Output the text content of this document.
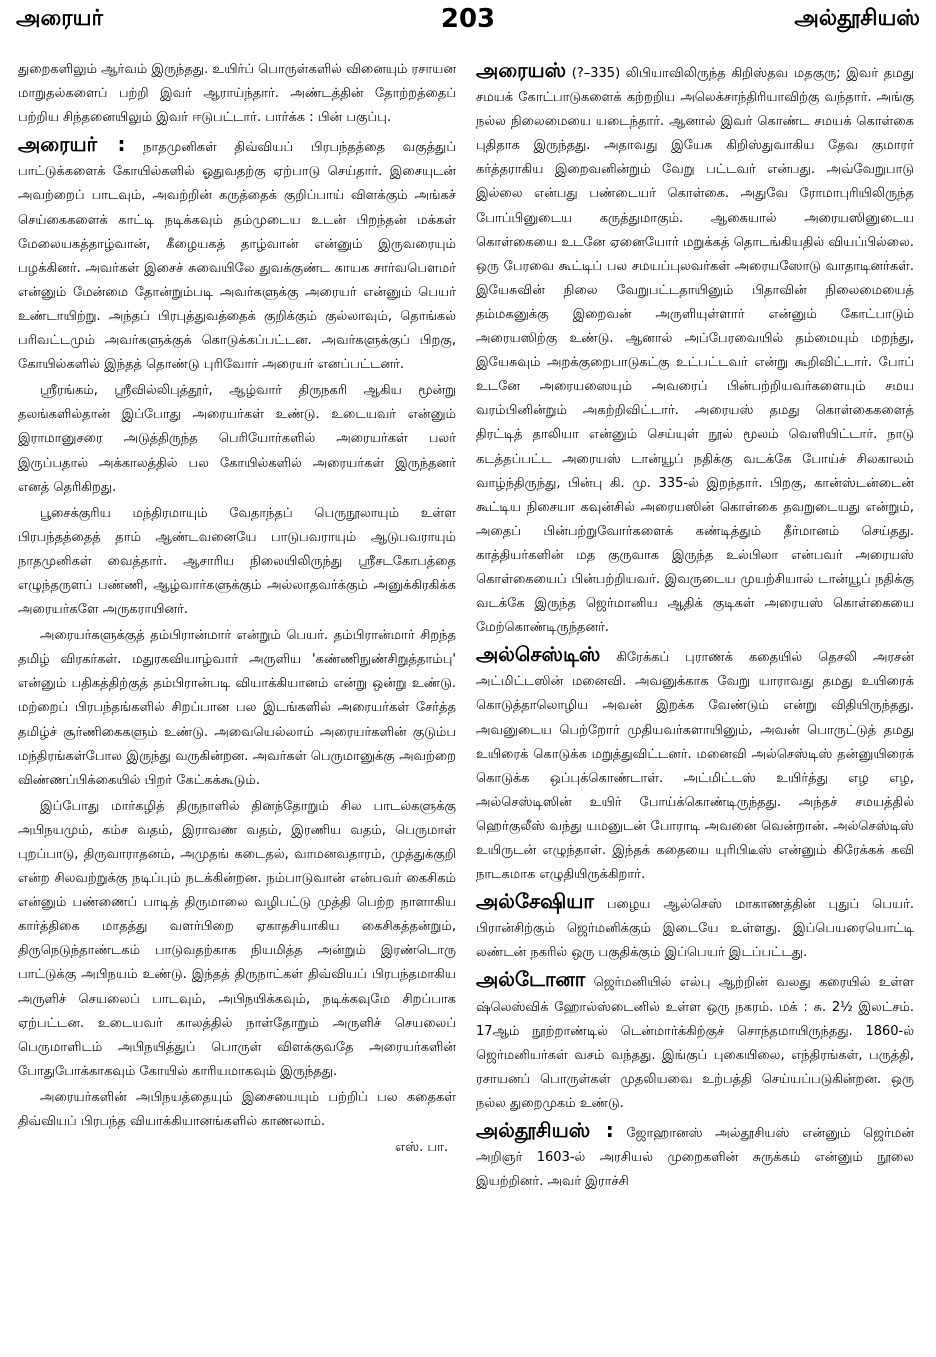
அரையர்	203	அல்தூசியஸ்

துறைகளிலும் ஆர்வம் இருந்தது. உயிர்ப் பொருள்களில் வினையும் ரசாயன மாறுதல்களைப் பற்றி இவர் ஆராய்ந்தார். அண்டத்தின் தோற்றத்தைப் பற்றிய சிந்தனையிலும் இவர் ஈடுபட்டார். பார்க்க : பின் பகுப்பு.

அரையர் : நாதமுனிகள் திவ்வியப் பிரபந்தத்தை வகுத்துப் பாட்டுக்களைக் கோயில்களில் ஓதுவதற்கு ஏற்பாடு செய்தார். இசையுடன் அவற்றைப் பாடவும், அவற்றின் கருத்தைக் குறிப்பாய் விளக்கும் அங்கச் செய்கைகளைக் காட்டி நடிக்கவும் தம்முடைய உடன் பிறந்தன் மக்கள் மேலையகத்தாழ்வான், கீழையகத் தாழ்வான் என்னும் இருவரையும் பழக்கினர். அவர்கள் இசைச் சுவையிலே துவக்குண்ட காயக சார்வபௌமர் என்னும் மேன்மை தோன்றும்படி அவர்களுக்கு அரையர் என்னும் பெயர் உண்டாயிற்று. அந்தப் பிரபுத்துவத்தைக் குறிக்கும் குல்லாவும், தொங்கல் பரிவட்டமும் அவர்களுக்குக் கொடுக்கப்பட்டன. அவர்களுக்குப் பிறகு, கோயில்களில் இந்தத் தொண்டு புரிவோர் அரையர் எனப்பட்டனர்.

ஸ்ரீரங்கம், ஸ்ரீவில்லிபுத்தூர், ஆழ்வார் திருநகரி ஆகிய மூன்று தலங்களில்தான் இப்போது அரையர்கள் உண்டு. உடையவர் என்னும் இராமானுசரை அடுத்திருந்த பெரியோர்களில் அரையர்கள் பலர் இருப்பதால் அக்காலத்தில் பல கோயில்களில் அரையர்கள் இருந்தனர் எனத் தெரிகிறது.

பூசைக்குரிய மந்திரமாயும் வேதாந்தப் பெருநூலாயும் உள்ள பிரபந்தத்தைத் தாம் ஆண்டவனையே பாடுபவராயும் ஆடுபவராயும் நாதமுனிகள் வைத்தார். ஆசாரிய நிலையிலிருந்து ஸ்ரீசடகோபத்தை எழுந்தருளப் பண்ணி, ஆழ்வார்களுக்கும் அல்லாதவர்க்கும் அனுக்கிரகிக்க அரையர்களே அருகராயினர்.

அரையர்களுக்குத் தம்பிரான்மார் என்றும் பெயர். தம்பிரான்மார் சிறந்த தமிழ் விரகர்கள். மதுரகவியாழ்வார் அருளிய 'கண்ணிநுண்சிறுத்தாம்பு' என்னும் பதிகத்திற்குத் தம்பிரான்படி வியாக்கியானம் என்று ஒன்று உண்டு. மற்றைப் பிரபந்தங்களில் சிறப்பான பல இடங்களில் அரையர்கள் சேர்த்த தமிழ்ச் சூர்ணிகைகளும் உண்டு. அவையெல்லாம் அரையர்களின் குடும்ப மந்திரங்கள்போல இருந்து வருகின்றன. அவர்கள் பெருமானுக்கு அவற்றை விண்ணப்பிக்கையில் பிறர் கேட்கக்கூடும்.

இப்போது மார்கழித் திருநாளில் தினந்தோறும் சில பாடல்களுக்கு அபிநயமும், கம்ச வதம், இராவண வதம், இரணிய வதம், பெருமாள் புறப்பாடு, திருவாராதனம், அமுதங் கடைதல், வாமனவதாரம், முத்துக்குறி என்ற சிலவற்றுக்கு நடிப்பும் நடக்கின்றன. நம்பாடுவான் என்பவர் கைசிகம் என்னும் பண்ணைப் பாடித் திருமாலை வழிபட்டு முத்தி பெற்ற நாளாகிய கார்த்திகை மாதத்து வளர்பிறை ஏகாதசியாகிய கைசிகத்தன்றும், திருநெடுந்தாண்டகம் பாடுவதற்காக நியமித்த அன்றும் இரண்டொரு பாட்டுக்கு அபிநயம் உண்டு. இந்தத் திருநாட்கள் திவ்வியப் பிரபந்தமாகிய அருளிச் செயலைப் பாடவும், அபிநயிக்கவும், நடிக்கவுமே சிறப்பாக ஏற்பட்டன. உடையவர் காலத்தில் நாள்தோறும் அருளிச் செயலைப் பெருமாளிடம் அபிநயித்துப் பொருள் விளக்குவதே அரையர்களின் போதுபோக்காகவும் கோயில் காரியமாகவும் இருந்தது.

அரையர்களின் அபிநயத்தையும் இசையையும் பற்றிப் பல கதைகள் திவ்வியப் பிரபந்த வியாக்கியானங்களில் காணலாம்.

எஸ். பா.

அரையஸ் (?–335) லிபியாவிலிருந்த கிறிஸ்தவ மதகுரு; இவர் தமது சமயக் கோட்பாடுகளைக் கற்றறிய அலெக்சாந்திரியாவிற்கு வந்தார். அங்கு நல்ல நிலைமையை யடைந்தார். ஆனால் இவர் கொண்ட சமயக் கொள்கை புதிதாக இருந்தது. அதாவது இயேசு கிறிஸ்துவாகிய தேவ குமாரர் கர்த்தராகிய இறைவனின்றும் வேறு பட்டவர் என்பது. அவ்வேறுபாடு இல்லை என்பது பண்டையர் கொள்கை. அதுவே ரோமாபுரியிலிருந்த போப்பினுடைய கருத்துமாகும். ஆகையால் அரையஸினுடைய கொள்கையை உடனே ஏனையோர் மறுக்கத் தொடங்கியதில் வியப்பில்லை. ஒரு பேரவை கூட்டிப் பல சமயப்புலவர்கள் அரையஸோடு வாதாடினர்கள். இயேசுவின் நிலை வேறுபட்டதாயினும் பிதாவின் நிலைமையைத் தம்மகனுக்கு இறைவன் அருளியுள்ளார் என்னும் கோட்பாடும் அரையஸிற்கு உண்டு. ஆனால் அப்பேரவையில் தம்மையும் மறந்து, இயேசுவும் அறக்குறைபாடுகட்கு உட்பட்டவர் என்று கூறிவிட்டார். போப் உடனே அரையஸையும் அவரைப் பின்பற்றியவர்களையும் சமய வரம்பினின்றும் அகற்றிவிட்டார். அரையஸ் தமது கொள்கைகளைத் திரட்டித் தாலியா என்னும் செய்யுள் நூல் மூலம் வெளியிட்டார். நாடு கடத்தப்பட்ட அரையஸ் டான்யூப் நதிக்கு வடக்கே போய்ச் சிலகாலம் வாழ்ந்திருந்து, பின்பு கி. மு. 335-ல் இறந்தார். பிறகு, கான்ஸ்டன்டைன் கூட்டிய நிசையா கவுன்சில் அரையஸின் கொள்கை தவறுடையது என்றும், அதைப் பின்பற்றுவோர்களைக் கண்டித்தும் தீர்மானம் செய்தது. காத்தியர்களின் மத குருவாக இருந்த உல்பிலா என்பவர் அரையஸ் கொள்கையைப் பின்பற்றியவர். இவருடைய முயற்சியால் டான்யூப் நதிக்கு வடக்கே இருந்த ஜெர்மானிய ஆதிக் குடிகள் அரையஸ் கொள்கையை மேற்கொண்டிருந்தனர்.

அல்செஸ்டிஸ் கிரேக்கப் புராணக் கதையில் தெசலி அரசன் அட்மிட்டஸின் மனைவி. அவனுக்காக வேறு யாராவது தமது உயிரைக் கொடுத்தாலொழிய அவன் இறக்க வேண்டும் என்று விதியிருந்தது. அவனுடைய பெற்றோர் முதியவர்களாயினும், அவன் பொருட்டுத் தமது உயிரைக் கொடுக்க மறுத்துவிட்டனர். மனைவி அல்செஸ்டிஸ் தன்னுயிரைக் கொடுக்க ஒப்புக்கொண்டாள். அட்மிட்டஸ் உயிர்த்து எழ எழ, அல்செஸ்டிஸின் உயிர் போய்க்கொண்டிருந்தது. அந்தச் சமயத்தில் ஹெர்குலீஸ் வந்து யமனுடன் போராடி அவனை வென்றான். அல்செஸ்டிஸ் உயிருடன் எழுந்தாள். இந்தக் கதையை யுரிபிடீஸ் என்னும் கிரேக்கக் கவி நாடகமாக எழுதியிருக்கிறார்.

அல்சேஷியா பழைய ஆல்செஸ் மாகாணத்தின் புதுப் பெயர். பிரான்சிற்கும் ஜெர்மனிக்கும் இடையே உள்ளது. இப்பெயரையொட்டி லண்டன் நகரில் ஒரு பகுதிக்கும் இப்பெயர் இடப்பட்டது.

அல்டோனா ஜெர்மனியில் எல்பு ஆற்றின் வலது கரையில் உள்ள ஷ்லெஸ்விக் ஹோல்ஸ்டைனில் உள்ள ஒரு நகரம். மக் : சு. 2½ இலட்சம். 17ஆம் நூற்றாண்டில் டென்மார்க்கிற்குச் சொந்தமாயிருந்தது. 1860-ல் ஜெர்மனியர்கள் வசம் வந்தது. இங்குப் புகையிலை, எந்திரங்கள், பருத்தி, ரசாயனப் பொருள்கள் முதலியவை உற்பத்தி செய்யப்படுகின்றன. ஒரு நல்ல துறைமுகம் உண்டு.

அல்தூசியஸ் : ஜோஹானஸ் அல்தூசியஸ் என்னும் ஜெர்மன் அறிஞர் 1603-ல் அரசியல் முறைகளின் சுருக்கம் என்னும் நூலை இயற்றினர். அவர் இராச்சி
